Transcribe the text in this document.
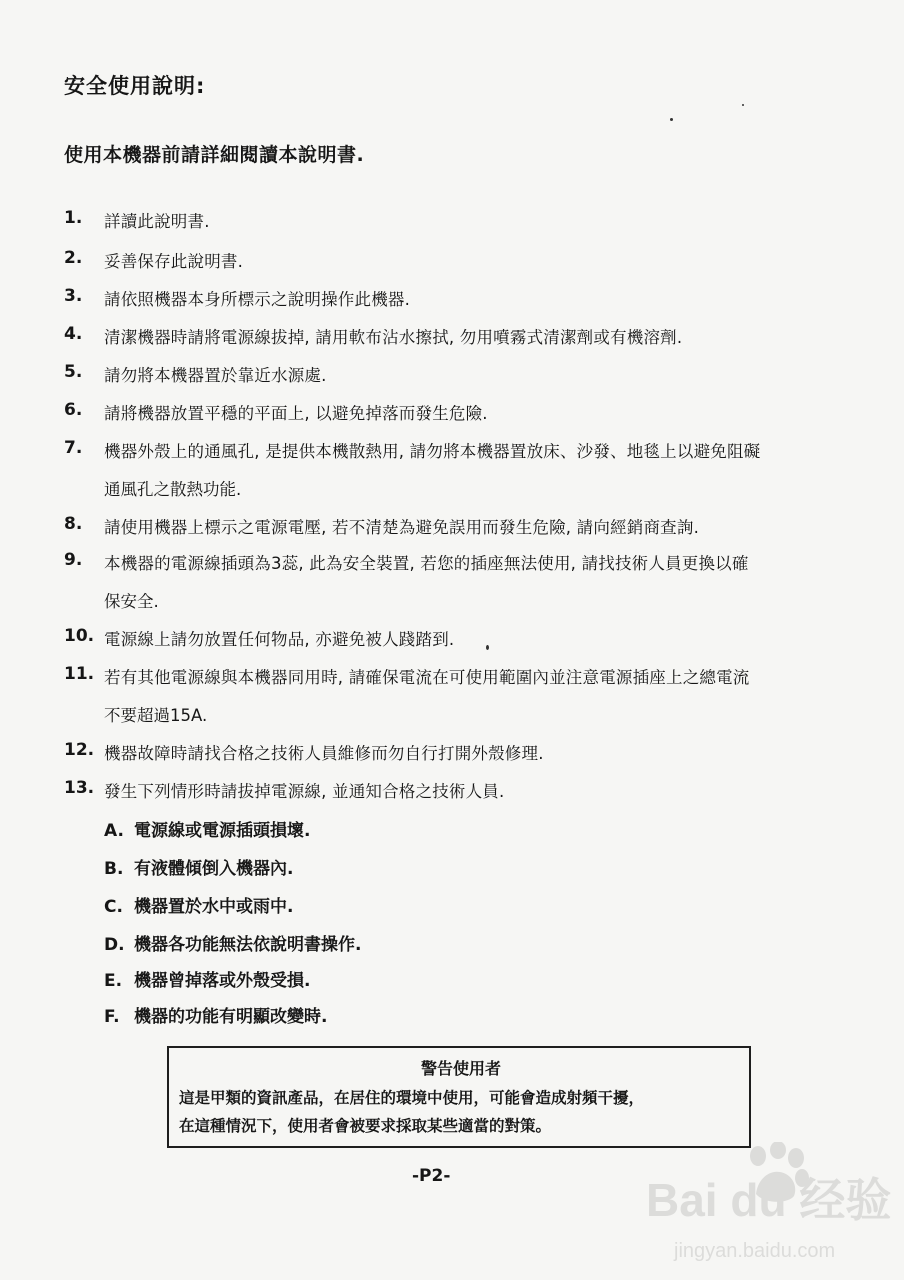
安全使用說明:
使用本機器前請詳細閱讀本說明書.
1. 詳讀此說明書.
2. 妥善保存此說明書.
3. 請依照機器本身所標示之說明操作此機器.
4. 清潔機器時請將電源線拔掉, 請用軟布沾水擦拭, 勿用噴霧式清潔劑或有機溶劑.
5. 請勿將本機器置於靠近水源處.
6. 請將機器放置平穩的平面上, 以避免掉落而發生危險.
7. 機器外殼上的通風孔, 是提供本機散熱用, 請勿將本機器置放床、沙發、地毯上以避免阻礙
通風孔之散熱功能.
8. 請使用機器上標示之電源電壓, 若不清楚為避免誤用而發生危險, 請向經銷商查詢.
9. 本機器的電源線插頭為3蕊, 此為安全裝置, 若您的插座無法使用, 請找技術人員更換以確
保安全.
10. 電源線上請勿放置任何物品, 亦避免被人踐踏到.
11. 若有其他電源線與本機器同用時, 請確保電流在可使用範圍內並注意電源插座上之總電流
不要超過15A.
12. 機器故障時請找合格之技術人員維修而勿自行打開外殼修理.
13. 發生下列情形時請拔掉電源線, 並通知合格之技術人員.
A. 電源線或電源插頭損壞.
B. 有液體傾倒入機器內.
C. 機器置於水中或雨中.
D. 機器各功能無法依說明書操作.
E. 機器曾掉落或外殼受損.
F. 機器的功能有明顯改變時.
警告使用者
這是甲類的資訊產品，在居住的環境中使用，可能會造成射頻干擾，
在這種情況下，使用者會被要求採取某些適當的對策。
-P2-	Bai du 经验
jingyan.baidu.com
